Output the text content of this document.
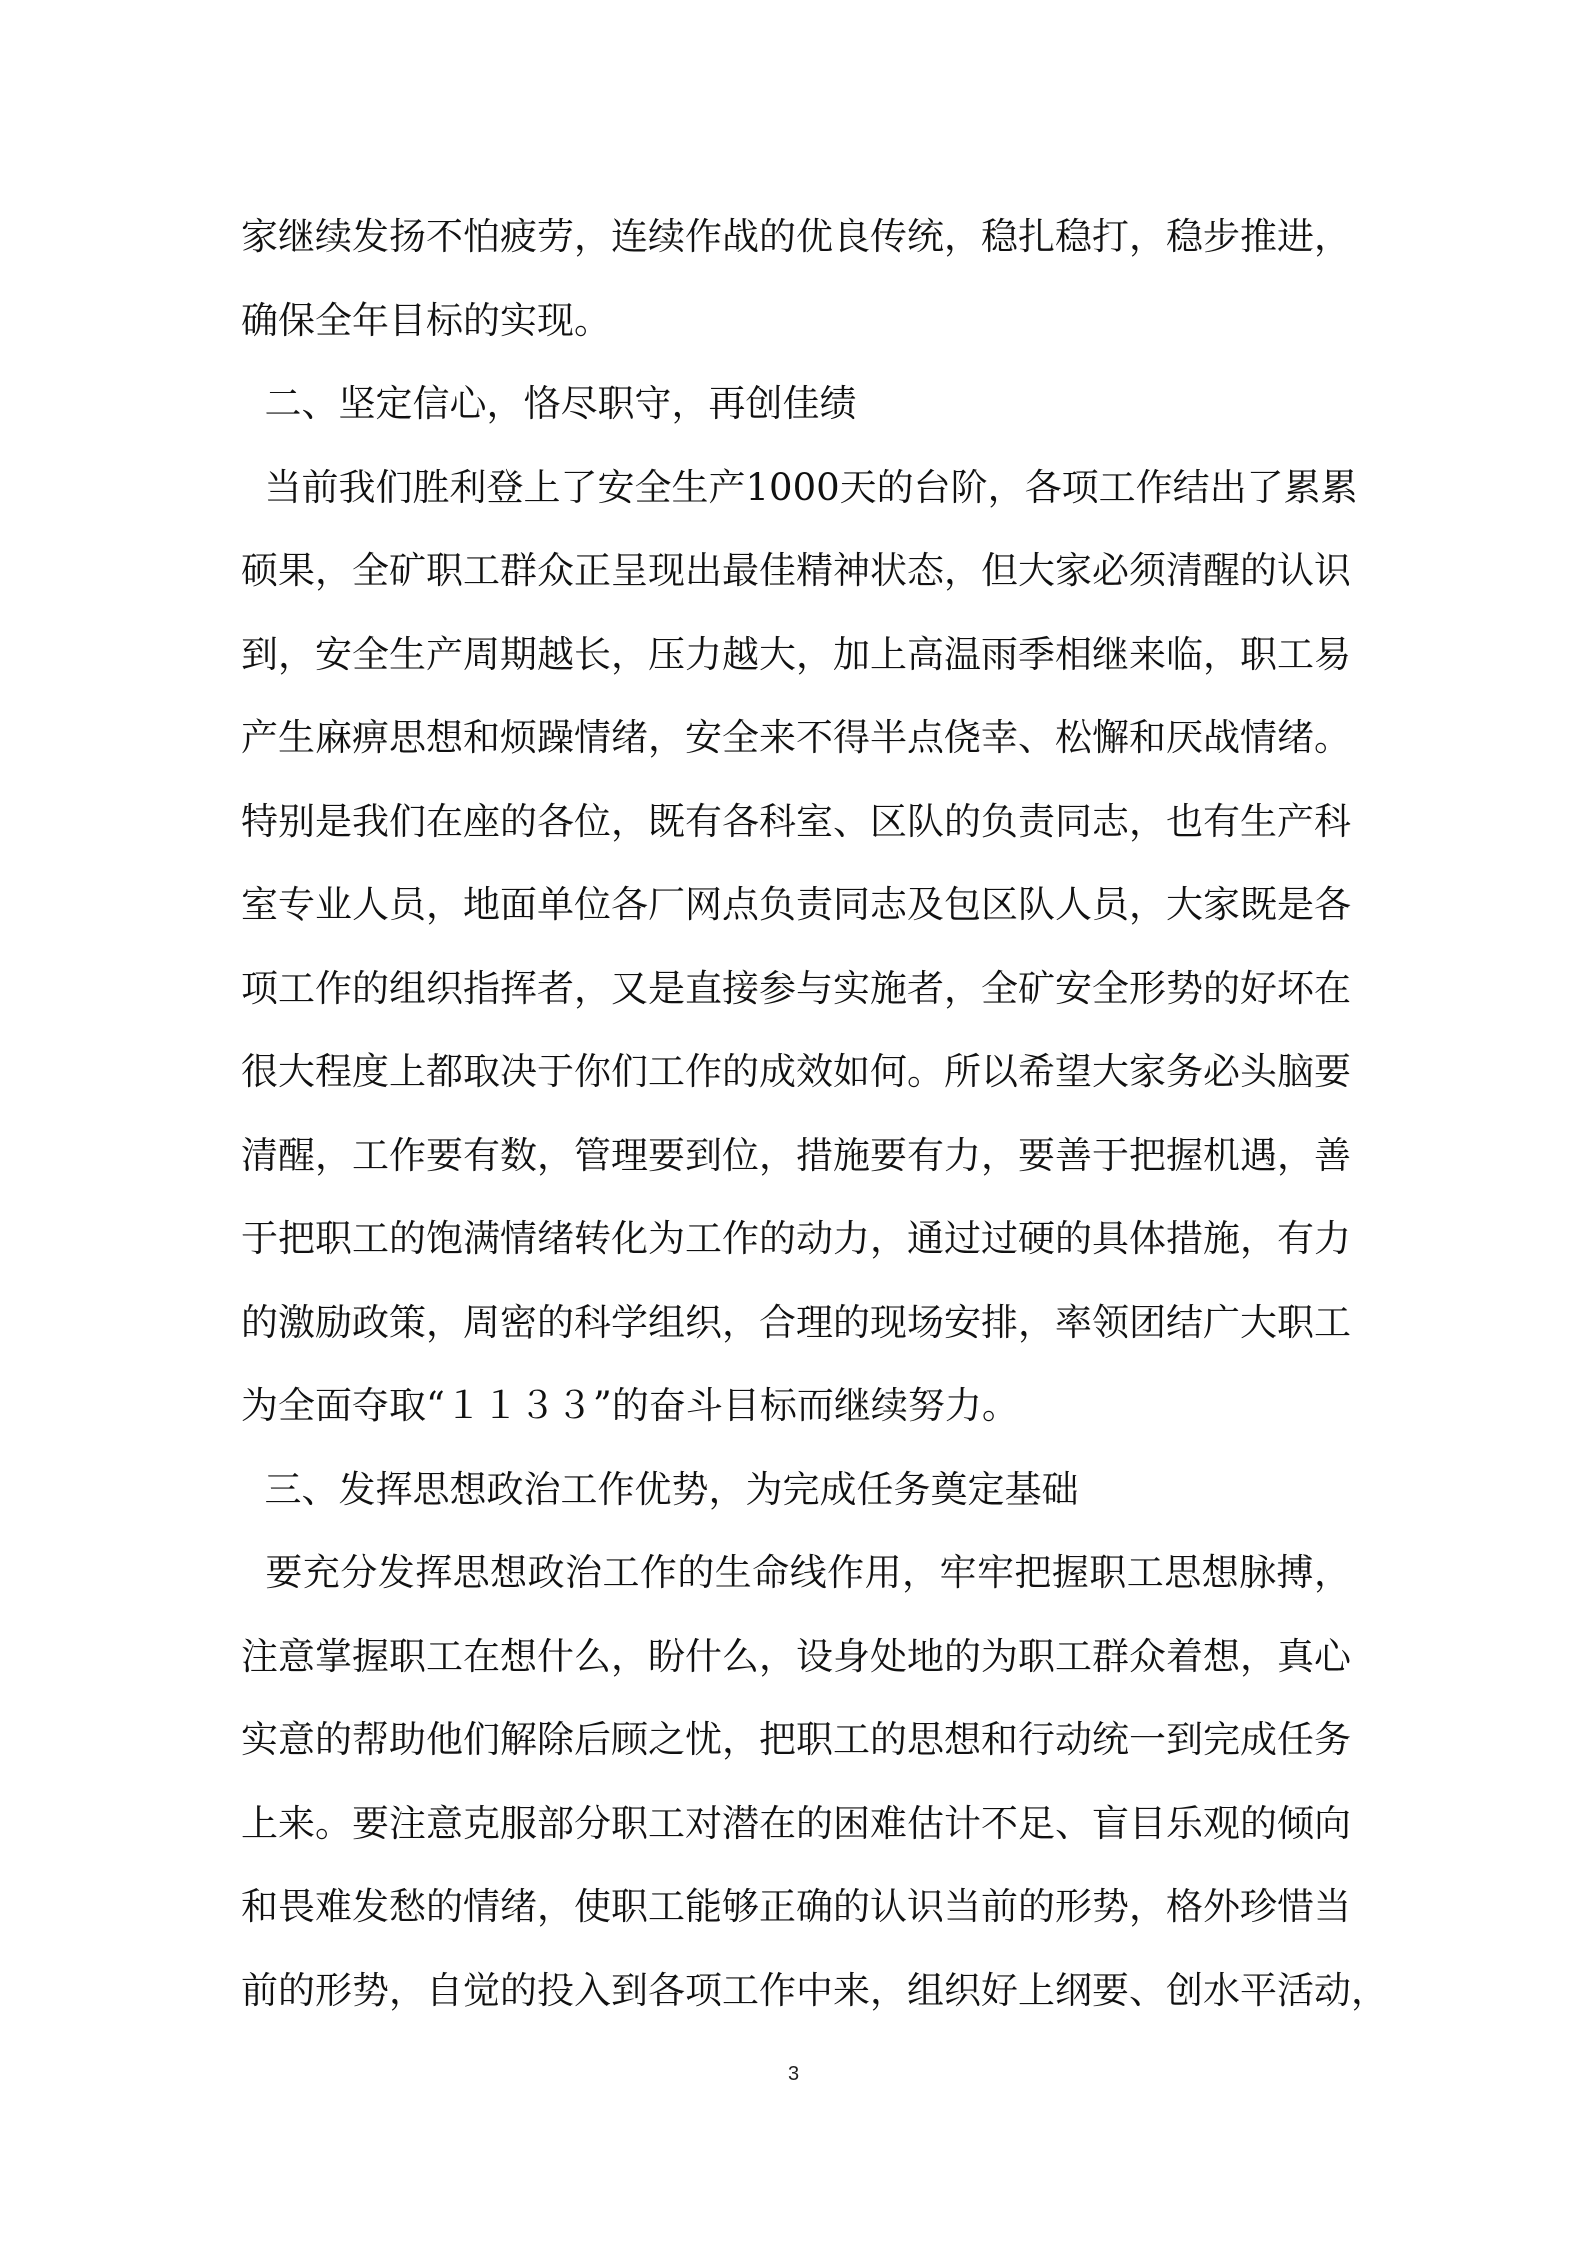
家继续发扬不怕疲劳，连续作战的优良传统，稳扎稳打，稳步推进，
确保全年目标的实现。
二、坚定信心，恪尽职守，再创佳绩
当前我们胜利登上了安全生产1000天的台阶，各项工作结出了累累
硕果，全矿职工群众正呈现出最佳精神状态，但大家必须清醒的认识
到，安全生产周期越长，压力越大，加上高温雨季相继来临，职工易
产生麻痹思想和烦躁情绪，安全来不得半点侥幸、松懈和厌战情绪。
特别是我们在座的各位，既有各科室、区队的负责同志，也有生产科
室专业人员，地面单位各厂网点负责同志及包区队人员，大家既是各
项工作的组织指挥者，又是直接参与实施者，全矿安全形势的好坏在
很大程度上都取决于你们工作的成效如何。所以希望大家务必头脑要
清醒，工作要有数，管理要到位，措施要有力，要善于把握机遇，善
于把职工的饱满情绪转化为工作的动力，通过过硬的具体措施，有力
的激励政策，周密的科学组织，合理的现场安排，率领团结广大职工
为全面夺取“１１３３”的奋斗目标而继续努力。
三、发挥思想政治工作优势，为完成任务奠定基础
要充分发挥思想政治工作的生命线作用，牢牢把握职工思想脉搏，
注意掌握职工在想什么，盼什么，设身处地的为职工群众着想，真心
实意的帮助他们解除后顾之忧，把职工的思想和行动统一到完成任务
上来。要注意克服部分职工对潜在的困难估计不足、盲目乐观的倾向
和畏难发愁的情绪，使职工能够正确的认识当前的形势，格外珍惜当
前的形势，自觉的投入到各项工作中来，组织好上纲要、创水平活动，
3
